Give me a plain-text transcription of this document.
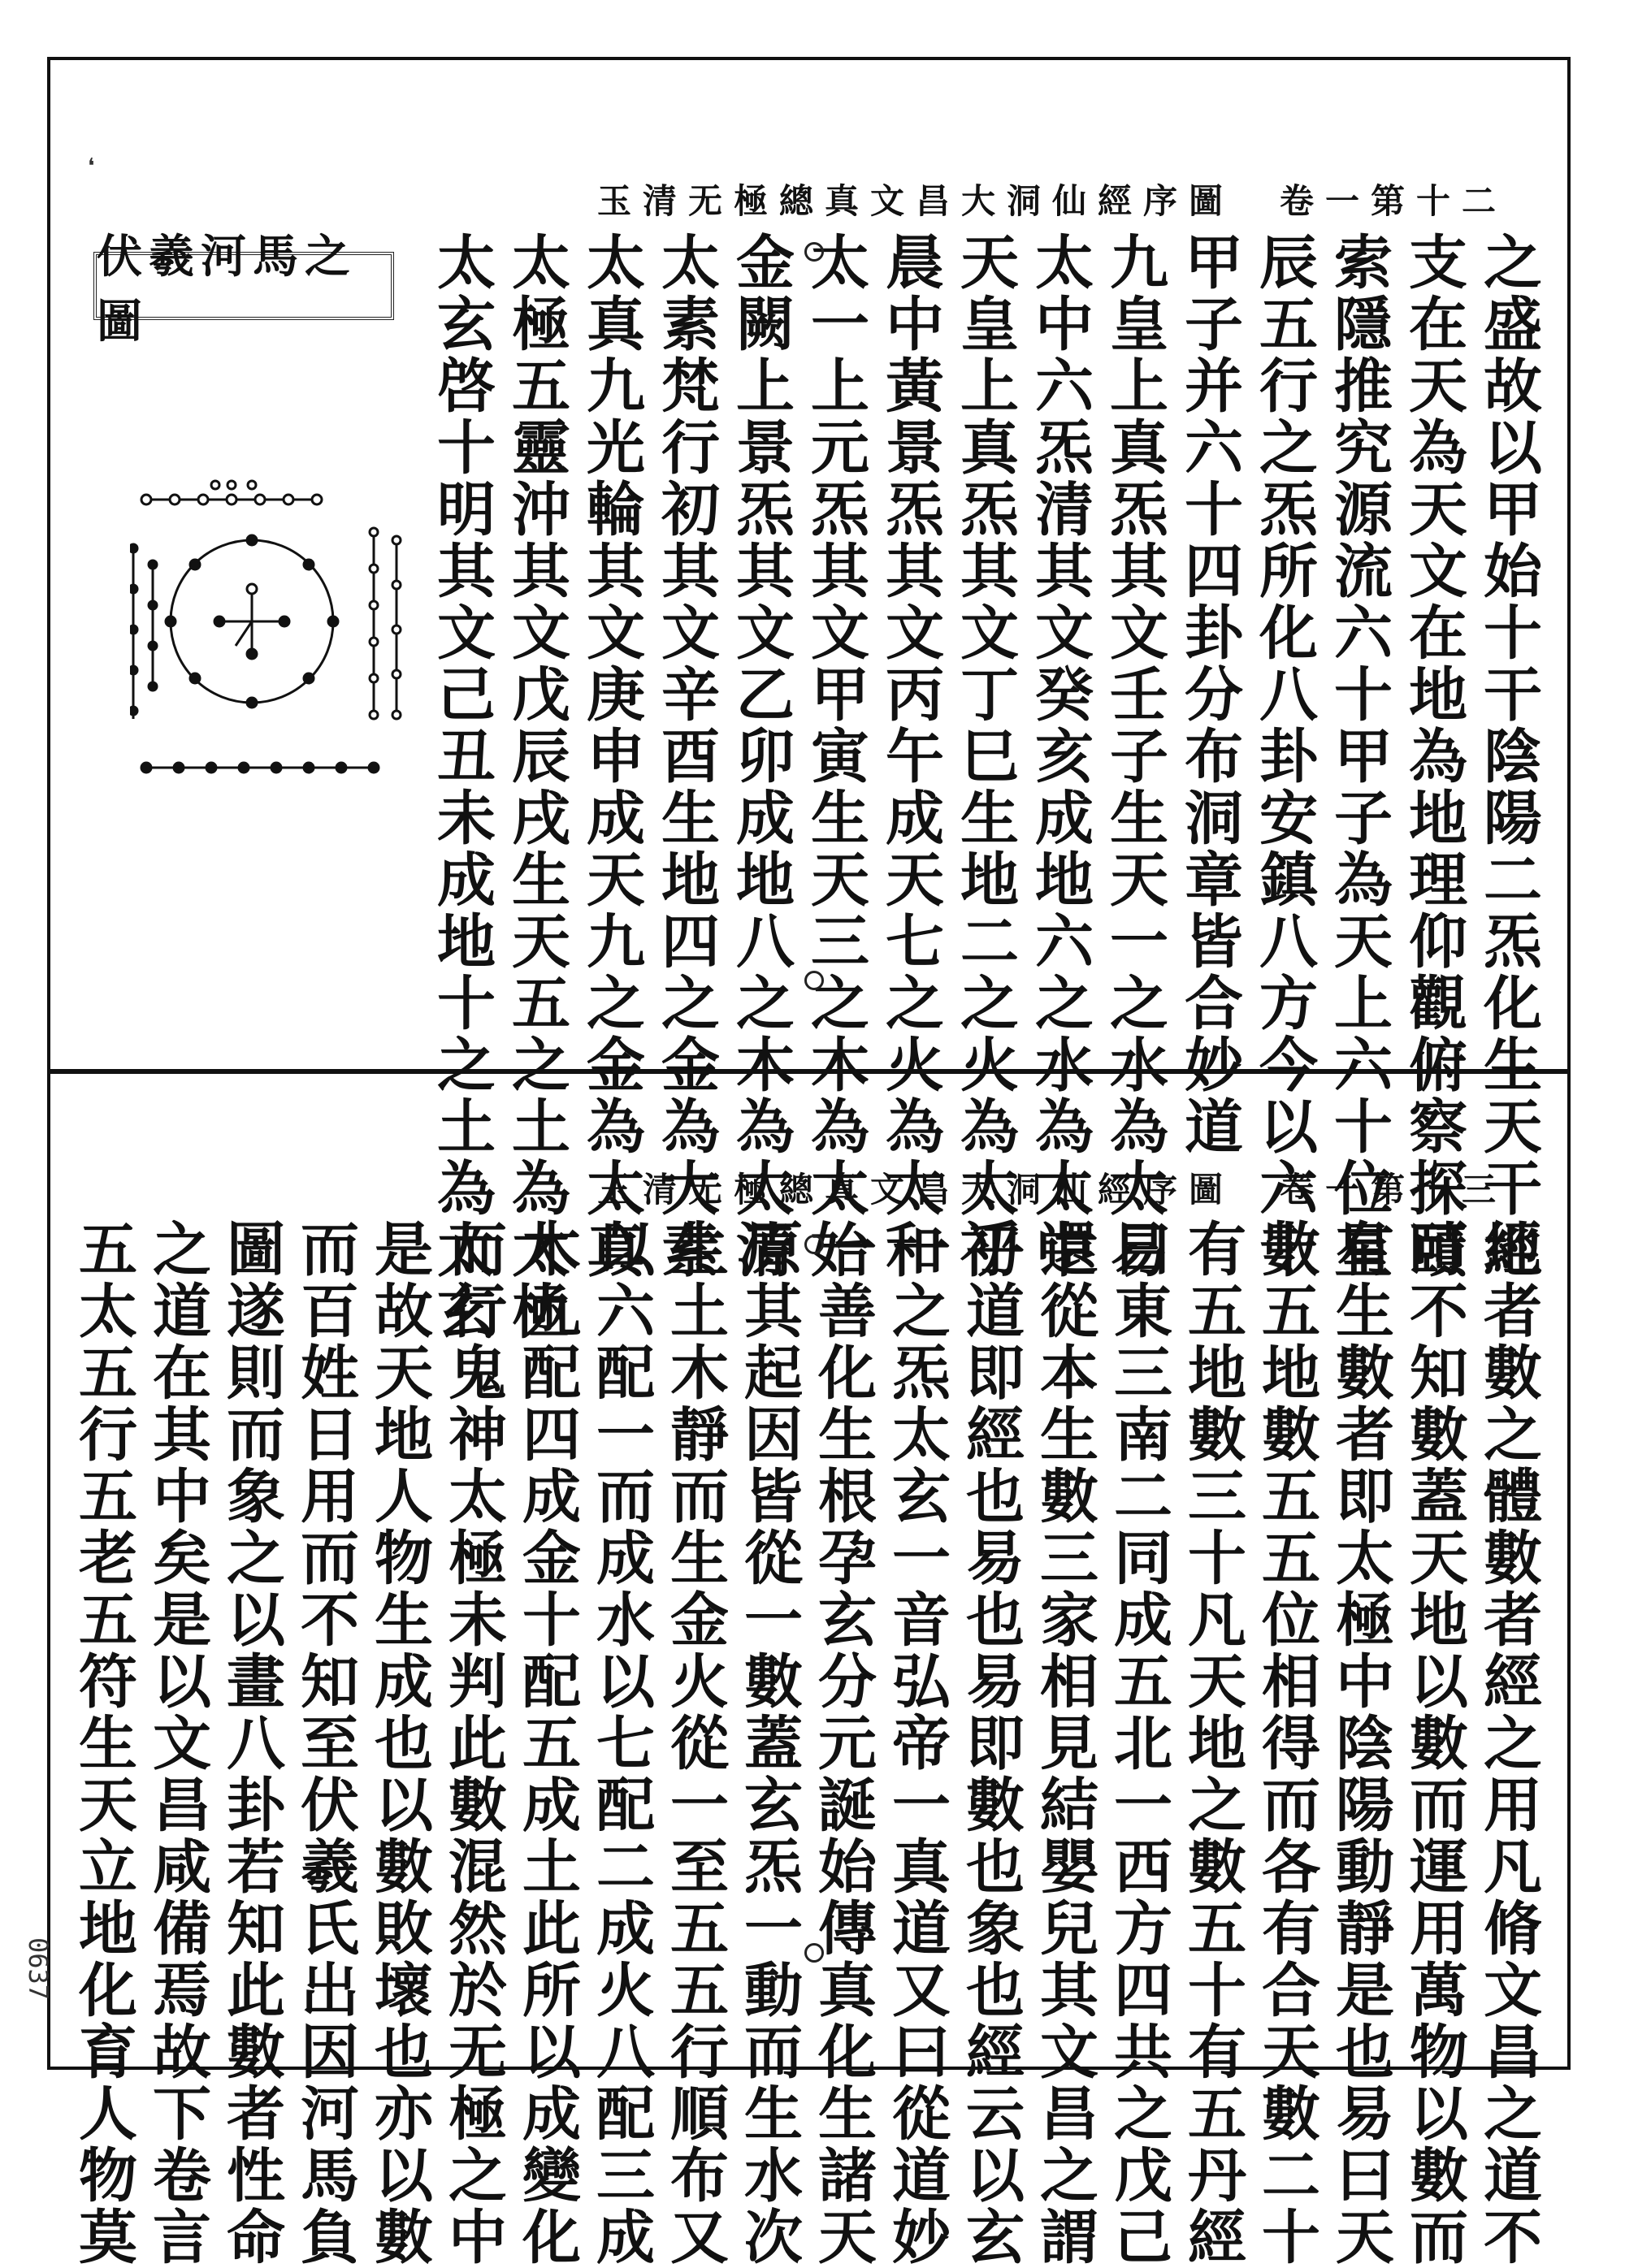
玉清无極總真文昌大洞仙經序圖　卷一第十二
❛
之盛故以甲始十干陰陽二炁化生天干地
支在天為天文在地為地理仰觀俯察探賾
索隱推究源流六十甲子為天上六十位星
辰五行之炁所化八卦安鎮八方今以六十
甲子并六十四卦分布洞章皆合妙道
九皇上真炁其文壬子生天一之水為太易
太中六炁清其文癸亥成地六之水為太中
天皇上真炁其文丁巳生地二之火為太初
晨中黃景炁其文丙午成天七之火為太和
太一上元炁其文甲寅生天三之木為太始
金闕上景炁其文乙卯成地八之木為太清
太素梵行初其文辛酉生地四之金為大素
太真九光輪其文庚申成天九之金為太真
太極五靈沖其文戊辰戌生天五之土為太極
太玄啓十明其文己丑未成地十之土為太玄
伏羲河馬之圖
玉清无極總真文昌大洞仙經序圖　卷一第十三
經者數之體數者經之用凡脩文昌之道不
可不知數蓋天地以數而運用萬物以數而
有生數者即太極中陰陽動靜是也易曰天
數五地數五五位相得而各有合天數二十
有五地數三十凡天地之數五十有五丹經
曰東三南二同成五北一西方四共之戊己
還從本生數三家相見結嬰兒其文昌之謂
乎道即經也易也易即數也象也經云以玄
一之炁太玄一音弘帝一真道又曰從道妙
一善化生根孕玄分元誕始傳真化生諸天
原其起因皆從一數蓋玄炁一動而生水次
生土木靜而生金火從一至五五行順布又
以六配一而成水以七配二成火八配三成
木九配四成金十配五成土此所以成變化
而行鬼神太極未判此數混然於无極之中
是故天地人物生成也以數敗壞也亦以數
而百姓日用而不知至伏羲氏出因河馬負
圖遂則而象之以畫八卦若知此數者性命
之道在其中矣是以文昌咸備焉故下卷言
五太五行五老五符生天立地化育人物莫
0637
